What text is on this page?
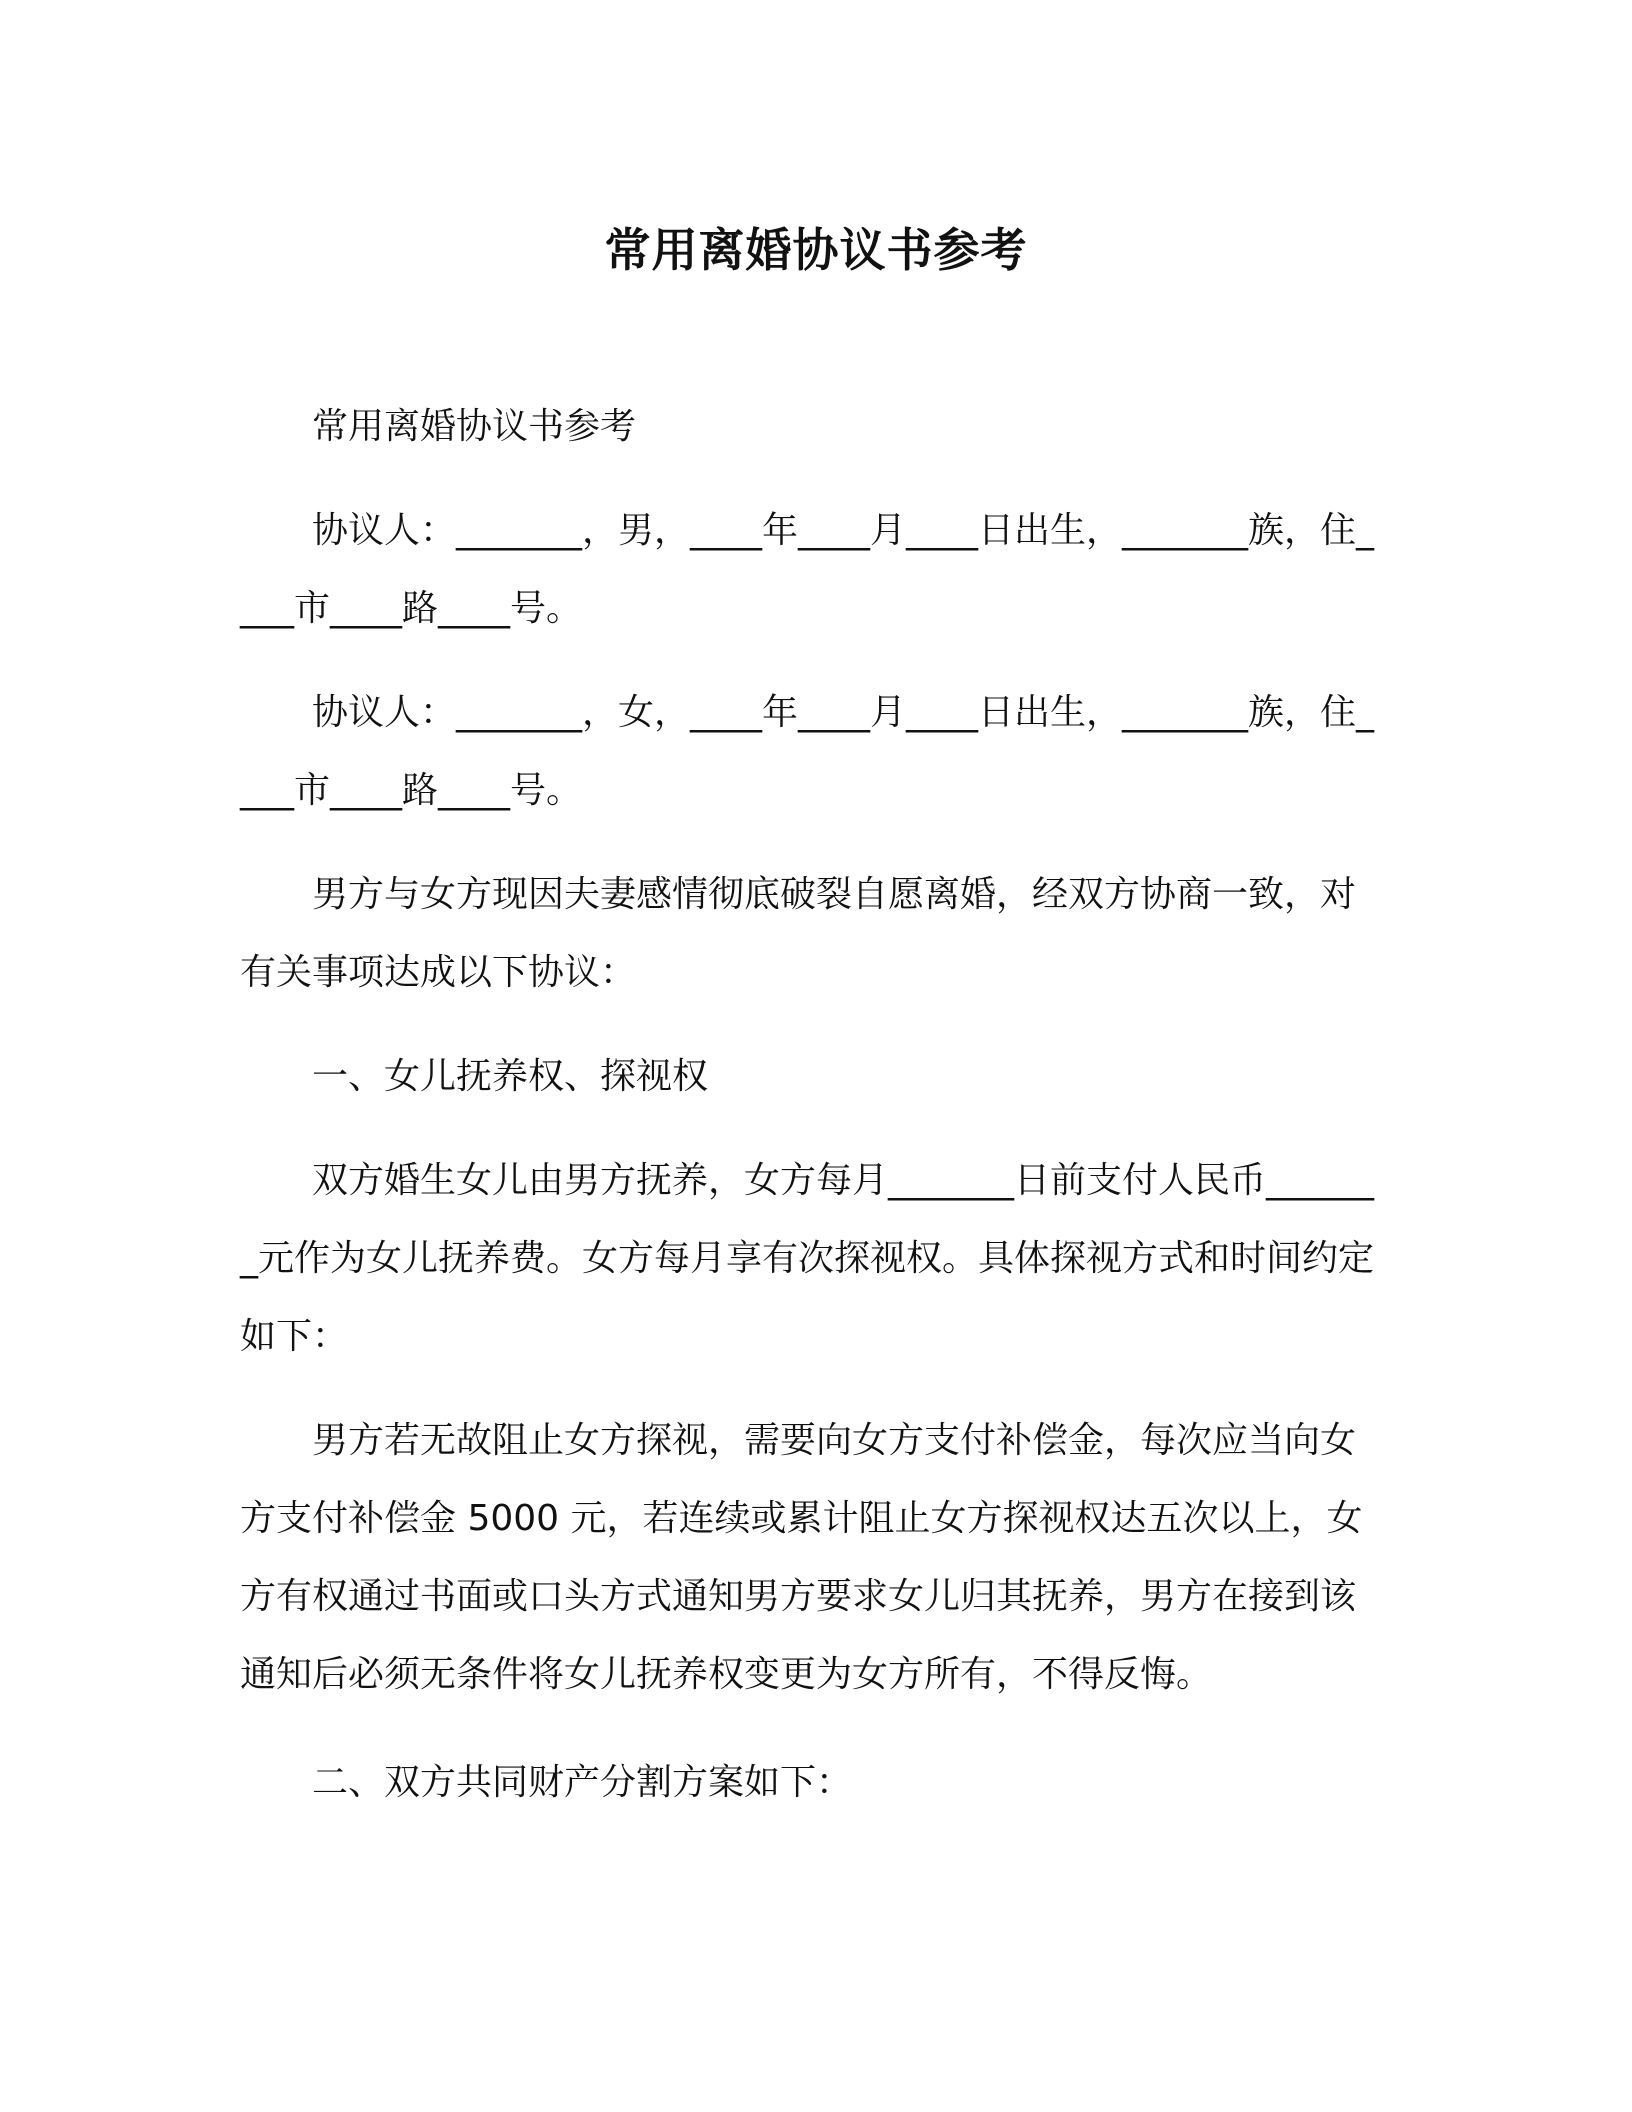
常用离婚协议书参考

常用离婚协议书参考

协议人：_______，男，____年____月____日出生，_______族，住____市____路____号。

协议人：_______，女，____年____月____日出生，_______族，住____市____路____号。

男方与女方现因夫妻感情彻底破裂自愿离婚，经双方协商一致，对有关事项达成以下协议：

一、女儿抚养权、探视权

双方婚生女儿由男方抚养，女方每月_______日前支付人民币_______元作为女儿抚养费。女方每月享有次探视权。具体探视方式和时间约定如下：

男方若无故阻止女方探视，需要向女方支付补偿金，每次应当向女方支付补偿金 5000 元，若连续或累计阻止女方探视权达五次以上，女方有权通过书面或口头方式通知男方要求女儿归其抚养，男方在接到该通知后必须无条件将女儿抚养权变更为女方所有，不得反悔。

二、双方共同财产分割方案如下：
